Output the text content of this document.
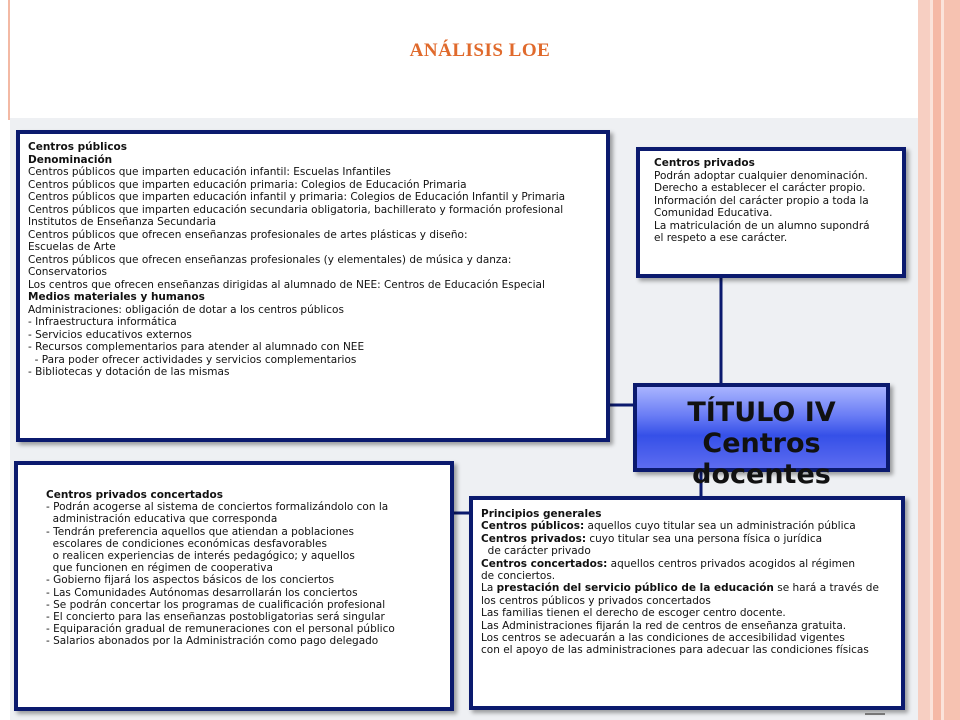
ANÁLISIS LOE
Centros públicos
Denominación
Centros públicos que imparten educación infantil: Escuelas Infantiles
Centros públicos que imparten educación primaria: Colegios de Educación Primaria
Centros públicos que imparten educación infantil y primaria: Colegios de Educación Infantil y Primaria
Centros públicos que imparten educación secundaria obligatoria, bachillerato y formación profesional
Institutos de Enseñanza Secundaria
Centros públicos que ofrecen enseñanzas profesionales de artes plásticas y diseño:
Escuelas de Arte
Centros públicos que ofrecen enseñanzas profesionales (y elementales) de música y danza:
Conservatorios
Los centros que ofrecen enseñanzas dirigidas al alumnado de NEE: Centros de Educación Especial
Medios materiales y humanos
Administraciones: obligación de dotar a los centros públicos
- Infraestructura informática
- Servicios educativos externos
- Recursos complementarios para atender al alumnado con NEE
- Para poder ofrecer actividades y servicios complementarios
- Bibliotecas y dotación de las mismas
Centros privados
Podrán adoptar cualquier denominación.
Derecho a establecer el carácter propio.
Información del carácter propio a toda la
Comunidad Educativa.
La matriculación de un alumno supondrá
el respeto a ese carácter.
Centros privados concertados
- Podrán acogerse al sistema de conciertos formalizándolo con la
administración educativa que corresponda
- Tendrán preferencia aquellos que atiendan a poblaciones
escolares de condiciones económicas desfavorables
o realicen experiencias de interés pedagógico; y aquellos
que funcionen en régimen de cooperativa
- Gobierno fijará los aspectos básicos de los conciertos
- Las Comunidades Autónomas desarrollarán los conciertos
- Se podrán concertar los programas de cualificación profesional
- El concierto para las enseñanzas postobligatorias será singular
- Equiparación gradual de remuneraciones con el personal público
- Salarios abonados por la Administración como pago delegado
Principios generales
Centros públicos: aquellos cuyo titular sea un administración pública
Centros privados: cuyo titular sea una persona física o jurídica
de carácter privado
Centros concertados: aquellos centros privados acogidos al régimen
de conciertos.
La prestación del servicio público de la educación se hará a través de
los centros públicos y privados concertados
Las familias tienen el derecho de escoger centro docente.
Las Administraciones fijarán la red de centros de enseñanza gratuita.
Los centros se adecuarán a las condiciones de accesibilidad vigentes
con el apoyo de las administraciones para adecuar las condiciones físicas
TÍTULO IV
Centros docentes
